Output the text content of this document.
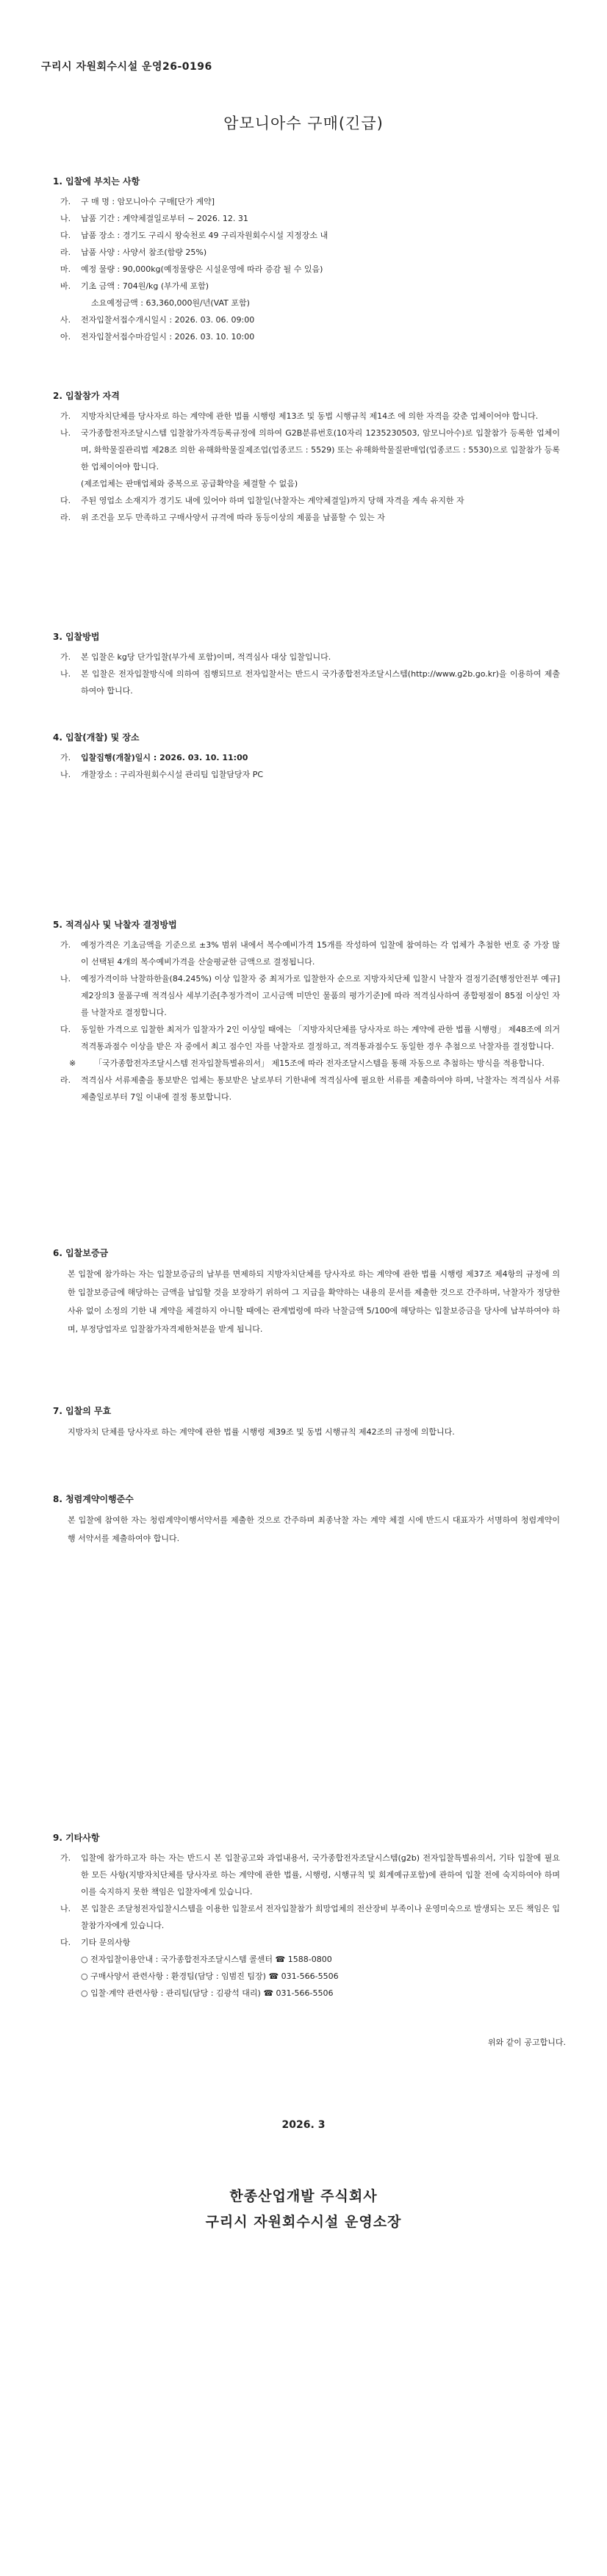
구리시 자원회수시설 운영26-0196
암모니아수 구매(긴급)
1. 입찰에 부치는 사항
가.	구 매 명 : 암모니아수 구매[단가 계약]
나.	납품 기간 : 계약체결일로부터 ~ 2026. 12. 31
다.	납품 장소 : 경기도 구리시 왕숙천로 49 구리자원회수시설 지정장소 내
라.	납품 사양 : 사양서 참조(함량 25%)
마.	예정 물량 : 90,000kg(예정물량은 시설운영에 따라 증감 될 수 있음)
바.	기초 금액 : 704원/kg (부가세 포함)
소요예정금액 : 63,360,000원/년(VAT 포함)
사.	전자입찰서접수개시일시 : 2026. 03. 06. 09:00
아.	전자입찰서접수마감일시 : 2026. 03. 10. 10:00
2. 입찰참가 자격
가.	지방자치단체를 당사자로 하는 계약에 관한 법률 시행령 제13조 및 동법 시행규칙 제14조 에 의한 자격을 갖춘 업체이어야 합니다.
나.	국가종합전자조달시스템 입찰참가자격등록규정에 의하여 G2B분류번호(10자리 1235230503, 암모니아수)로 입찰참가 등록한 업체이며, 화학물질관리법 제28조 의한 유해화학물질제조업(업종코드 : 5529) 또는 유해화학물질판매업(업종코드 : 5530)으로 입찰참가 등록한 업체이어야 합니다.
(제조업체는 판매업체와 중복으로 공급확약을 체결할 수 없음)
다.	주된 영업소 소재지가 경기도 내에 있어야 하며 입찰일(낙찰자는 계약체결일)까지 당해 자격을 계속 유지한 자
라.	위 조건을 모두 만족하고 구매사양서 규격에 따라 동등이상의 제품을 납품할 수 있는 자
3. 입찰방법
가.	본 입찰은 kg당 단가입찰(부가세 포함)이며, 적격심사 대상 입찰입니다.
나.	본 입찰은 전자입찰방식에 의하여 집행되므로 전자입찰서는 반드시 국가종합전자조달시스템(http://www.g2b.go.kr)을 이용하여 제출하여야 합니다.
4. 입찰(개찰) 및 장소
가.	입찰집행(개찰)일시 : 2026. 03. 10. 11:00
나.	개찰장소 : 구리자원회수시설 관리팀 입찰담당자 PC
5. 적격심사 및 낙찰자 결정방법
가.	예정가격은 기초금액을 기준으로 ±3% 범위 내에서 복수예비가격 15개를 작성하여 입찰에 참여하는 각 업체가 추첨한 번호 중 가장 많이 선택된 4개의 복수예비가격을 산술평균한 금액으로 결정됩니다.
나.	예정가격이하 낙찰하한율(84.245%) 이상 입찰자 중 최저가로 입찰한자 순으로 지방자치단체 입찰시 낙찰자 결정기준[행정안전부 예규] 제2장의3 물품구매 적격심사 세부기준[추정가격이 고시금액 미만인 물품의 평가기준]에 따라 적격심사하여 종합평점이 85점 이상인 자를 낙찰자로 결정합니다.
다.	동일한 가격으로 입찰한 최저가 입찰자가 2인 이상일 때에는 「지방자치단체를 당사자로 하는 계약에 관한 법률 시행령」 제48조에 의거 적격통과점수 이상을 받은 자 중에서 최고 점수인 자를 낙찰자로 결정하고, 적격통과점수도 동일한 경우 추첨으로 낙찰자를 결정합니다.
※	「국가종합전자조달시스템 전자입찰특별유의서」 제15조에 따라 전자조달시스템을 통해 자동으로 추첨하는 방식을 적용합니다.
라.	적격심사 서류제출을 통보받은 업체는 통보받은 날로부터 기한내에 적격심사에 필요한 서류를 제출하여야 하며, 낙찰자는 적격심사 서류제출일로부터 7일 이내에 결정 통보합니다.
6. 입찰보증금
본 입찰에 참가하는 자는 입찰보증금의 납부를 면제하되 지방자치단체를 당사자로 하는 계약에 관한 법률 시행령 제37조 제4항의 규정에 의한 입찰보증금에 해당하는 금액을 납입할 것을 보장하기 위하여 그 지급을 확약하는 내용의 문서를 제출한 것으로 간주하며, 낙찰자가 정당한 사유 없이 소정의 기한 내 계약을 체결하지 아니할 때에는 관계법령에 따라 낙찰금액 5/100에 해당하는 입찰보증금을 당사에 납부하여야 하며, 부정당업자로 입찰참가자격제한처분을 받게 됩니다.
7. 입찰의 무효
지방자치 단체를 당사자로 하는 계약에 관한 법률 시행령 제39조 및 동법 시행규칙 제42조의 규정에 의합니다.
8. 청렴계약이행준수
본 입찰에 참여한 자는 청렴계약이행서약서를 제출한 것으로 간주하며 최종낙찰 자는 계약 체결 시에 반드시 대표자가 서명하여 청렴계약이행 서약서를 제출하여야 합니다.
9. 기타사항
가.	입찰에 참가하고자 하는 자는 반드시 본 입찰공고와 과업내용서, 국가종합전자조달시스템(g2b) 전자입찰특별유의서, 기타 입찰에 필요한 모든 사항(지방자치단체를 당사자로 하는 계약에 관한 법률, 시행령, 시행규칙 및 회계예규포함)에 관하여 입찰 전에 숙지하여야 하며 이를 숙지하지 못한 책임은 입찰자에게 있습니다.
나.	본 입찰은 조달청전자입찰시스템을 이용한 입찰로서 전자입찰참가 희망업체의 전산장비 부족이나 운영미숙으로 발생되는 모든 책임은 입찰참가자에게 있습니다.
다.	기타 문의사항
○ 전자입찰이용안내 : 국가종합전자조달시스템 콜센터 ☎ 1588-0800
○ 구매사양서 관련사항 : 환경팀(담당 : 임범진 팀장) ☎ 031-566-5506
○ 입찰·계약 관련사항 : 관리팀(담당 : 김광석 대리) ☎ 031-566-5506
위와 같이 공고합니다.
2026. 3
한종산업개발 주식회사
구리시 자원회수시설 운영소장
